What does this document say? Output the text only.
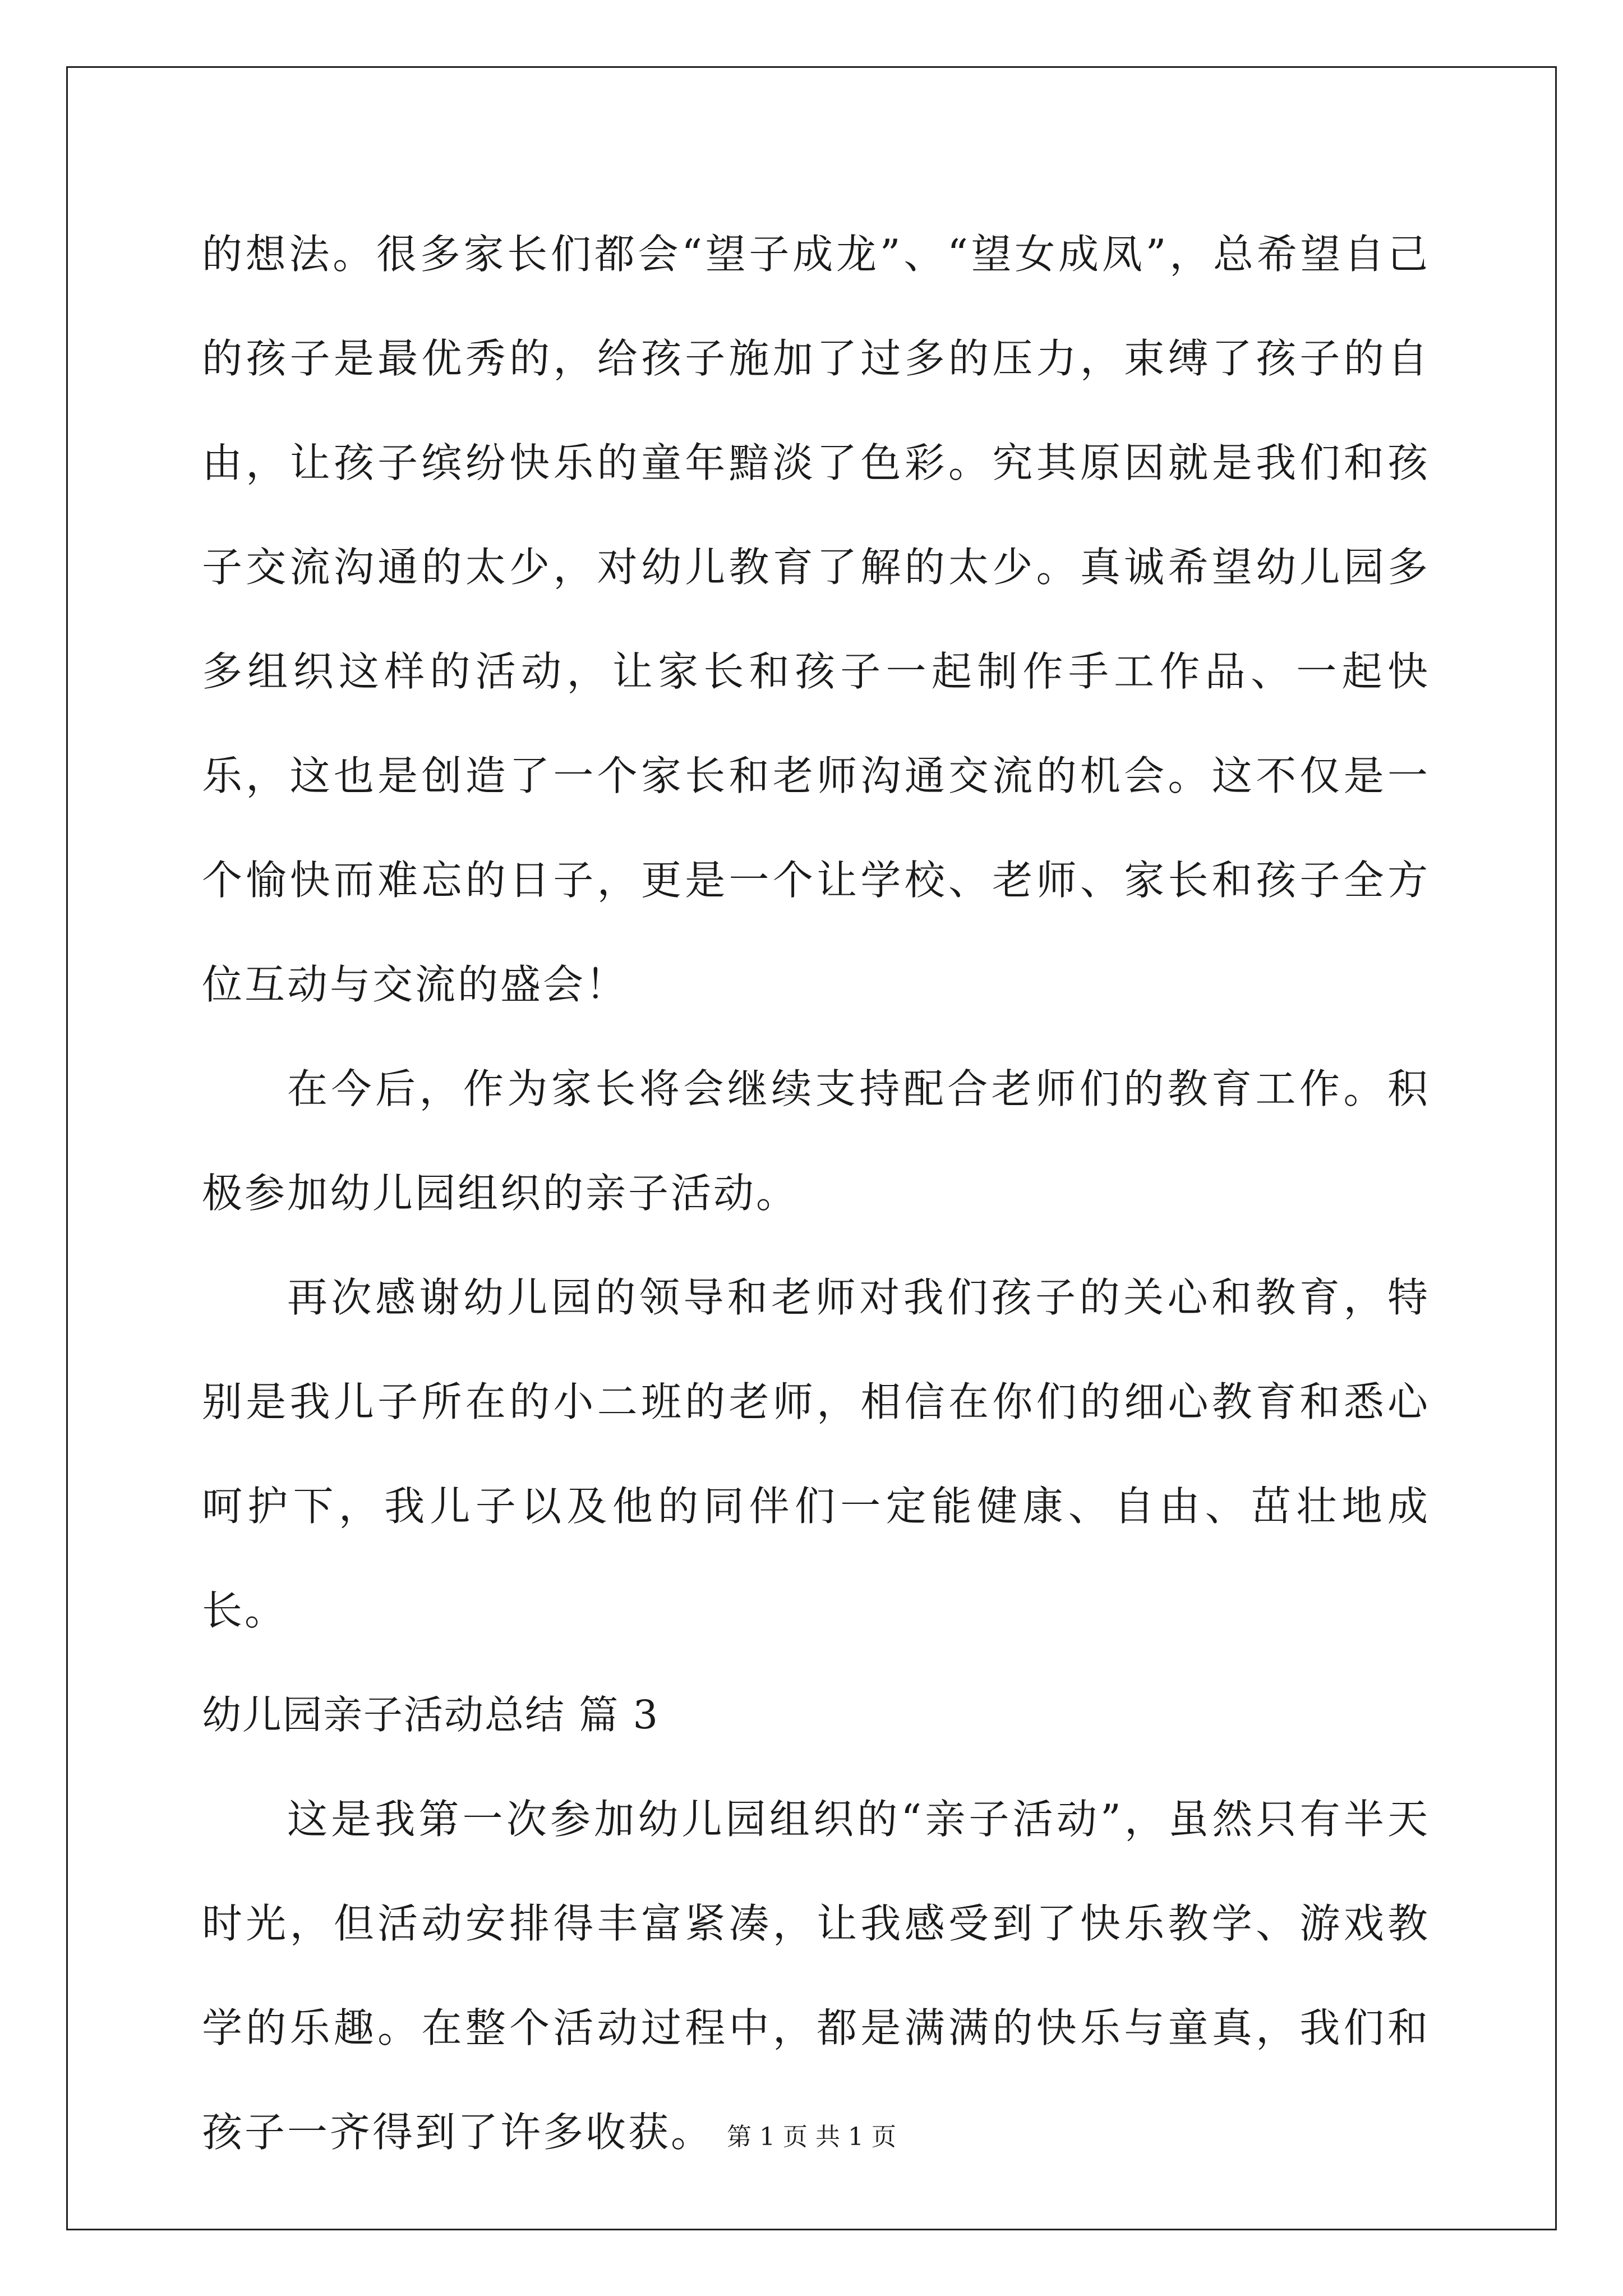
的想法。很多家长们都会“望子成龙”、“望女成凤”，总希望自己的孩子是最优秀的，给孩子施加了过多的压力，束缚了孩子的自由，让孩子缤纷快乐的童年黯淡了色彩。究其原因就是我们和孩子交流沟通的太少，对幼儿教育了解的太少。真诚希望幼儿园多多组织这样的活动，让家长和孩子一起制作手工作品、一起快乐，这也是创造了一个家长和老师沟通交流的机会。这不仅是一个愉快而难忘的日子，更是一个让学校、老师、家长和孩子全方位互动与交流的盛会！

在今后，作为家长将会继续支持配合老师们的教育工作。积极参加幼儿园组织的亲子活动。

再次感谢幼儿园的领导和老师对我们孩子的关心和教育，特别是我儿子所在的小二班的老师，相信在你们的细心教育和悉心呵护下，我儿子以及他的同伴们一定能健康、自由、茁壮地成长。

幼儿园亲子活动总结 篇 3

这是我第一次参加幼儿园组织的“亲子活动”，虽然只有半天时光，但活动安排得丰富紧凑，让我感受到了快乐教学、游戏教学的乐趣。在整个活动过程中，都是满满的快乐与童真，我们和孩子一齐得到了许多收获。 第 1 页 共 1 页
